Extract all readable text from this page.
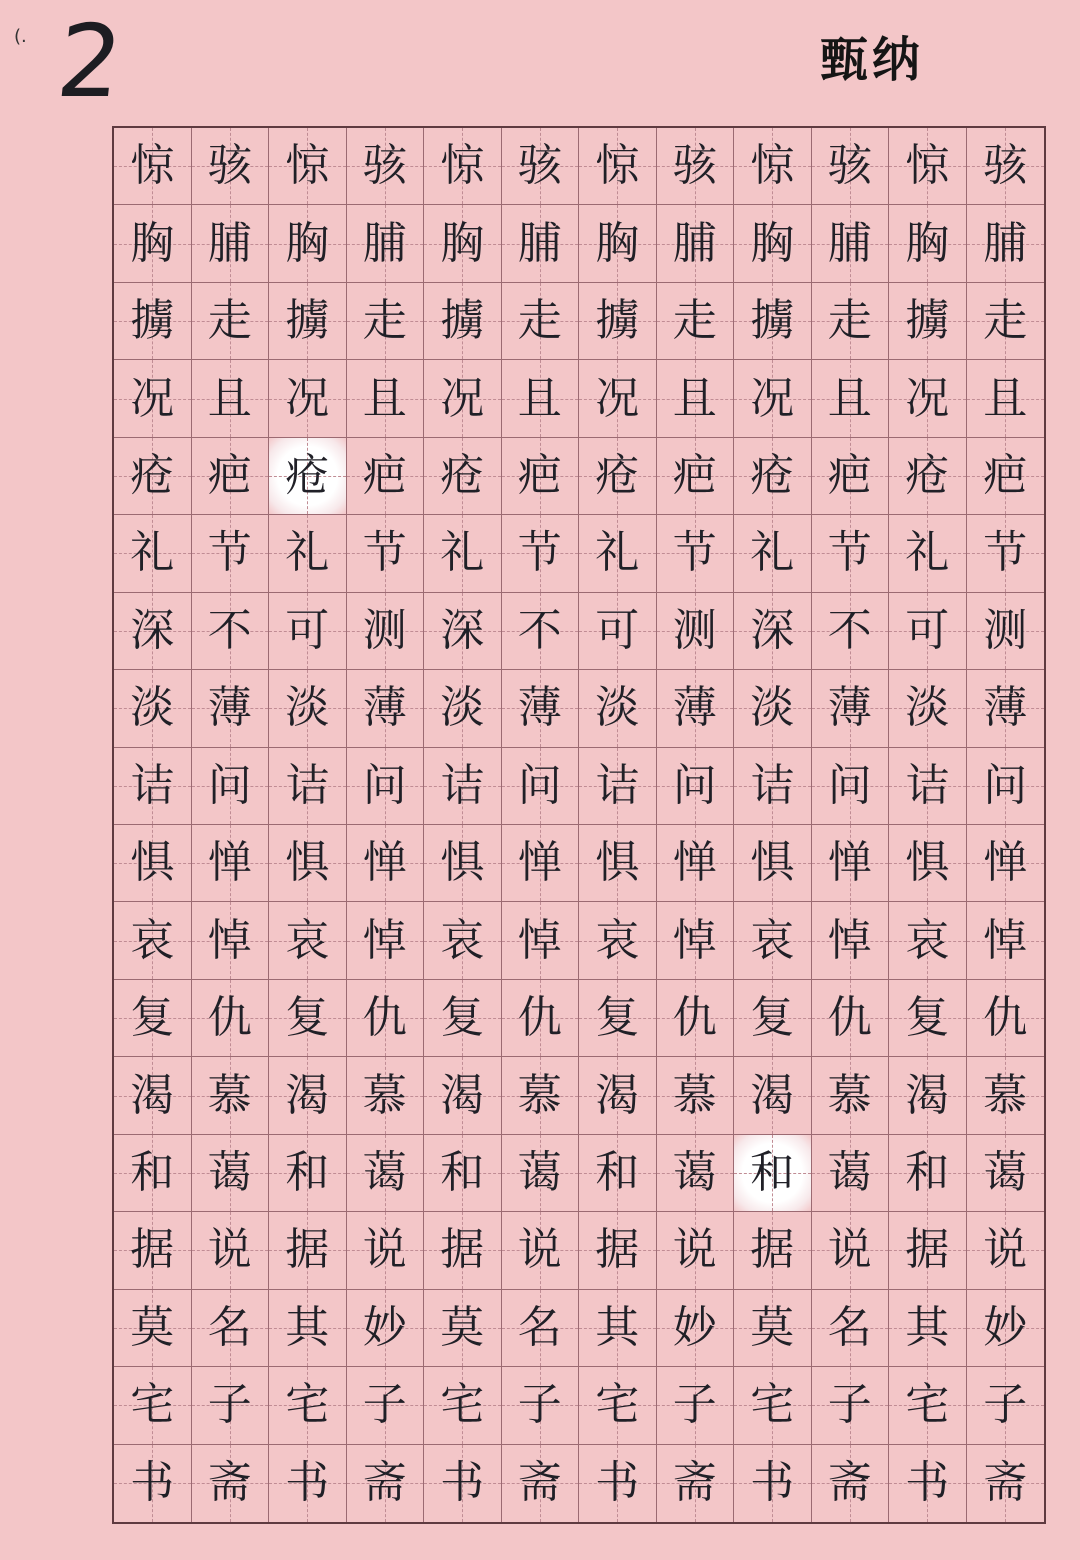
(. 2	甄纳
惊 骇 惊 骇 惊 骇 惊 骇 惊 骇 惊 骇
胸 脯 胸 脯 胸 脯 胸 脯 胸 脯 胸 脯
擄 走 擄 走 擄 走 擄 走 擄 走 擄 走
况 且 况 且 况 且 况 且 况 且 况 且
疮 疤 疮 疤 疮 疤 疮 疤 疮 疤 疮 疤
礼 节 礼 节 礼 节 礼 节 礼 节 礼 节
深 不 可 测 深 不 可 测 深 不 可 测
淡 薄 淡 薄 淡 薄 淡 薄 淡 薄 淡 薄
诘 问 诘 问 诘 问 诘 问 诘 问 诘 问
惧 惮 惧 惮 惧 惮 惧 惮 惧 惮 惧 惮
哀 悼 哀 悼 哀 悼 哀 悼 哀 悼 哀 悼
复 仇 复 仇 复 仇 复 仇 复 仇 复 仇
渴 慕 渴 慕 渴 慕 渴 慕 渴 慕 渴 慕
和 蔼 和 蔼 和 蔼 和 蔼 和 蔼 和 蔼
据 说 据 说 据 说 据 说 据 说 据 说
莫 名 其 妙 莫 名 其 妙 莫 名 其 妙
宅 子 宅 子 宅 子 宅 子 宅 子 宅 子
书 斋 书 斋 书 斋 书 斋 书 斋 书 斋
